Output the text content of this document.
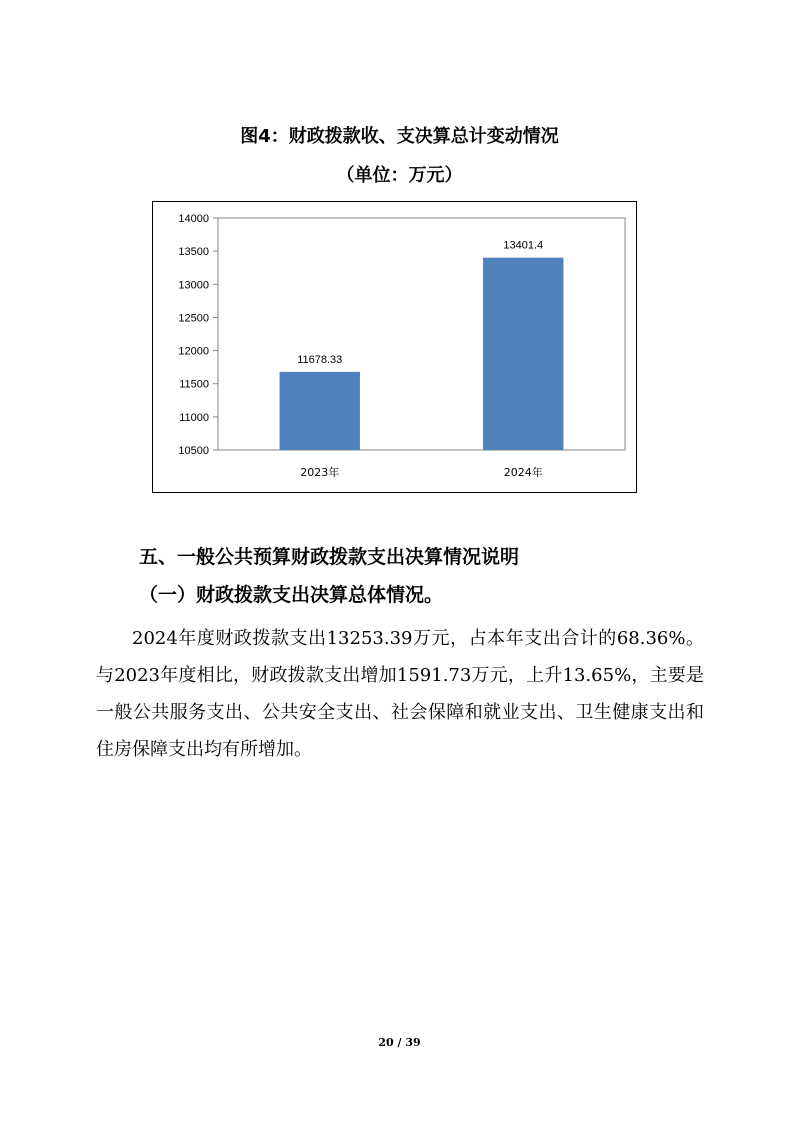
图4：财政拨款收、支决算总计变动情况
（单位：万元）
10500
11000
11500
12000
12500
13000
13500
14000
11678.33
2023年
13401.4
2024年
五、一般公共预算财政拨款支出决算情况说明
（一）财政拨款支出决算总体情况。

2024年度财政拨款支出13253.39万元，占本年支出合计的68.36%。与2023年度相比，财政拨款支出增加1591.73万元，上升13.65%，主要是一般公共服务支出、公共安全支出、社会保障和就业支出、卫生健康支出和住房保障支出均有所增加。

20 / 39
